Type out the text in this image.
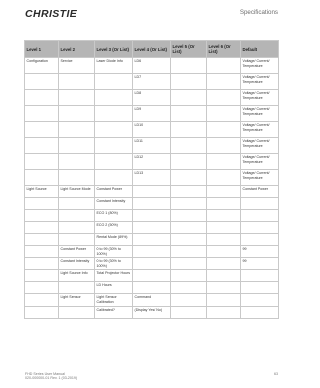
CHRISTIE	Specifications
Level 1	Level 2	Level 3 (Or List)	Level 4 (Or List)	Level 5 (Or List)	Level 6 (Or List)	Default
Configuration	Service	Laser Diode Info	LD6			Voltage/ Current/ Temperature
			LD7			Voltage/ Current/ Temperature
			LD8			Voltage/ Current/ Temperature
			LD9			Voltage/ Current/ Temperature
			LD10			Voltage/ Current/ Temperature
			LD11			Voltage/ Current/ Temperature
			LD12			Voltage/ Current/ Temperature
			LD13			Voltage/ Current/ Temperature
Light Source	Light Source Mode	Constant Power				Constant Power
		Constant Intensity				
		ECO 1 (80%)				
		ECO 2 (50%)				
		Rental Mode (89%)				
	Constant Power	0 to 99 (30% to 100%)				99
	Constant Intensity	0 to 99 (30% to 100%)				99
	Light Source Info	Total Projector Hours				
		LD Hours				
	Light Sensor	Light Sensor Calibration	Command			
		Calibrated?	(Display Yes/ No)			
FHD Series User Manual
020-000000-01 Rev. 1 (03-2019)
63
